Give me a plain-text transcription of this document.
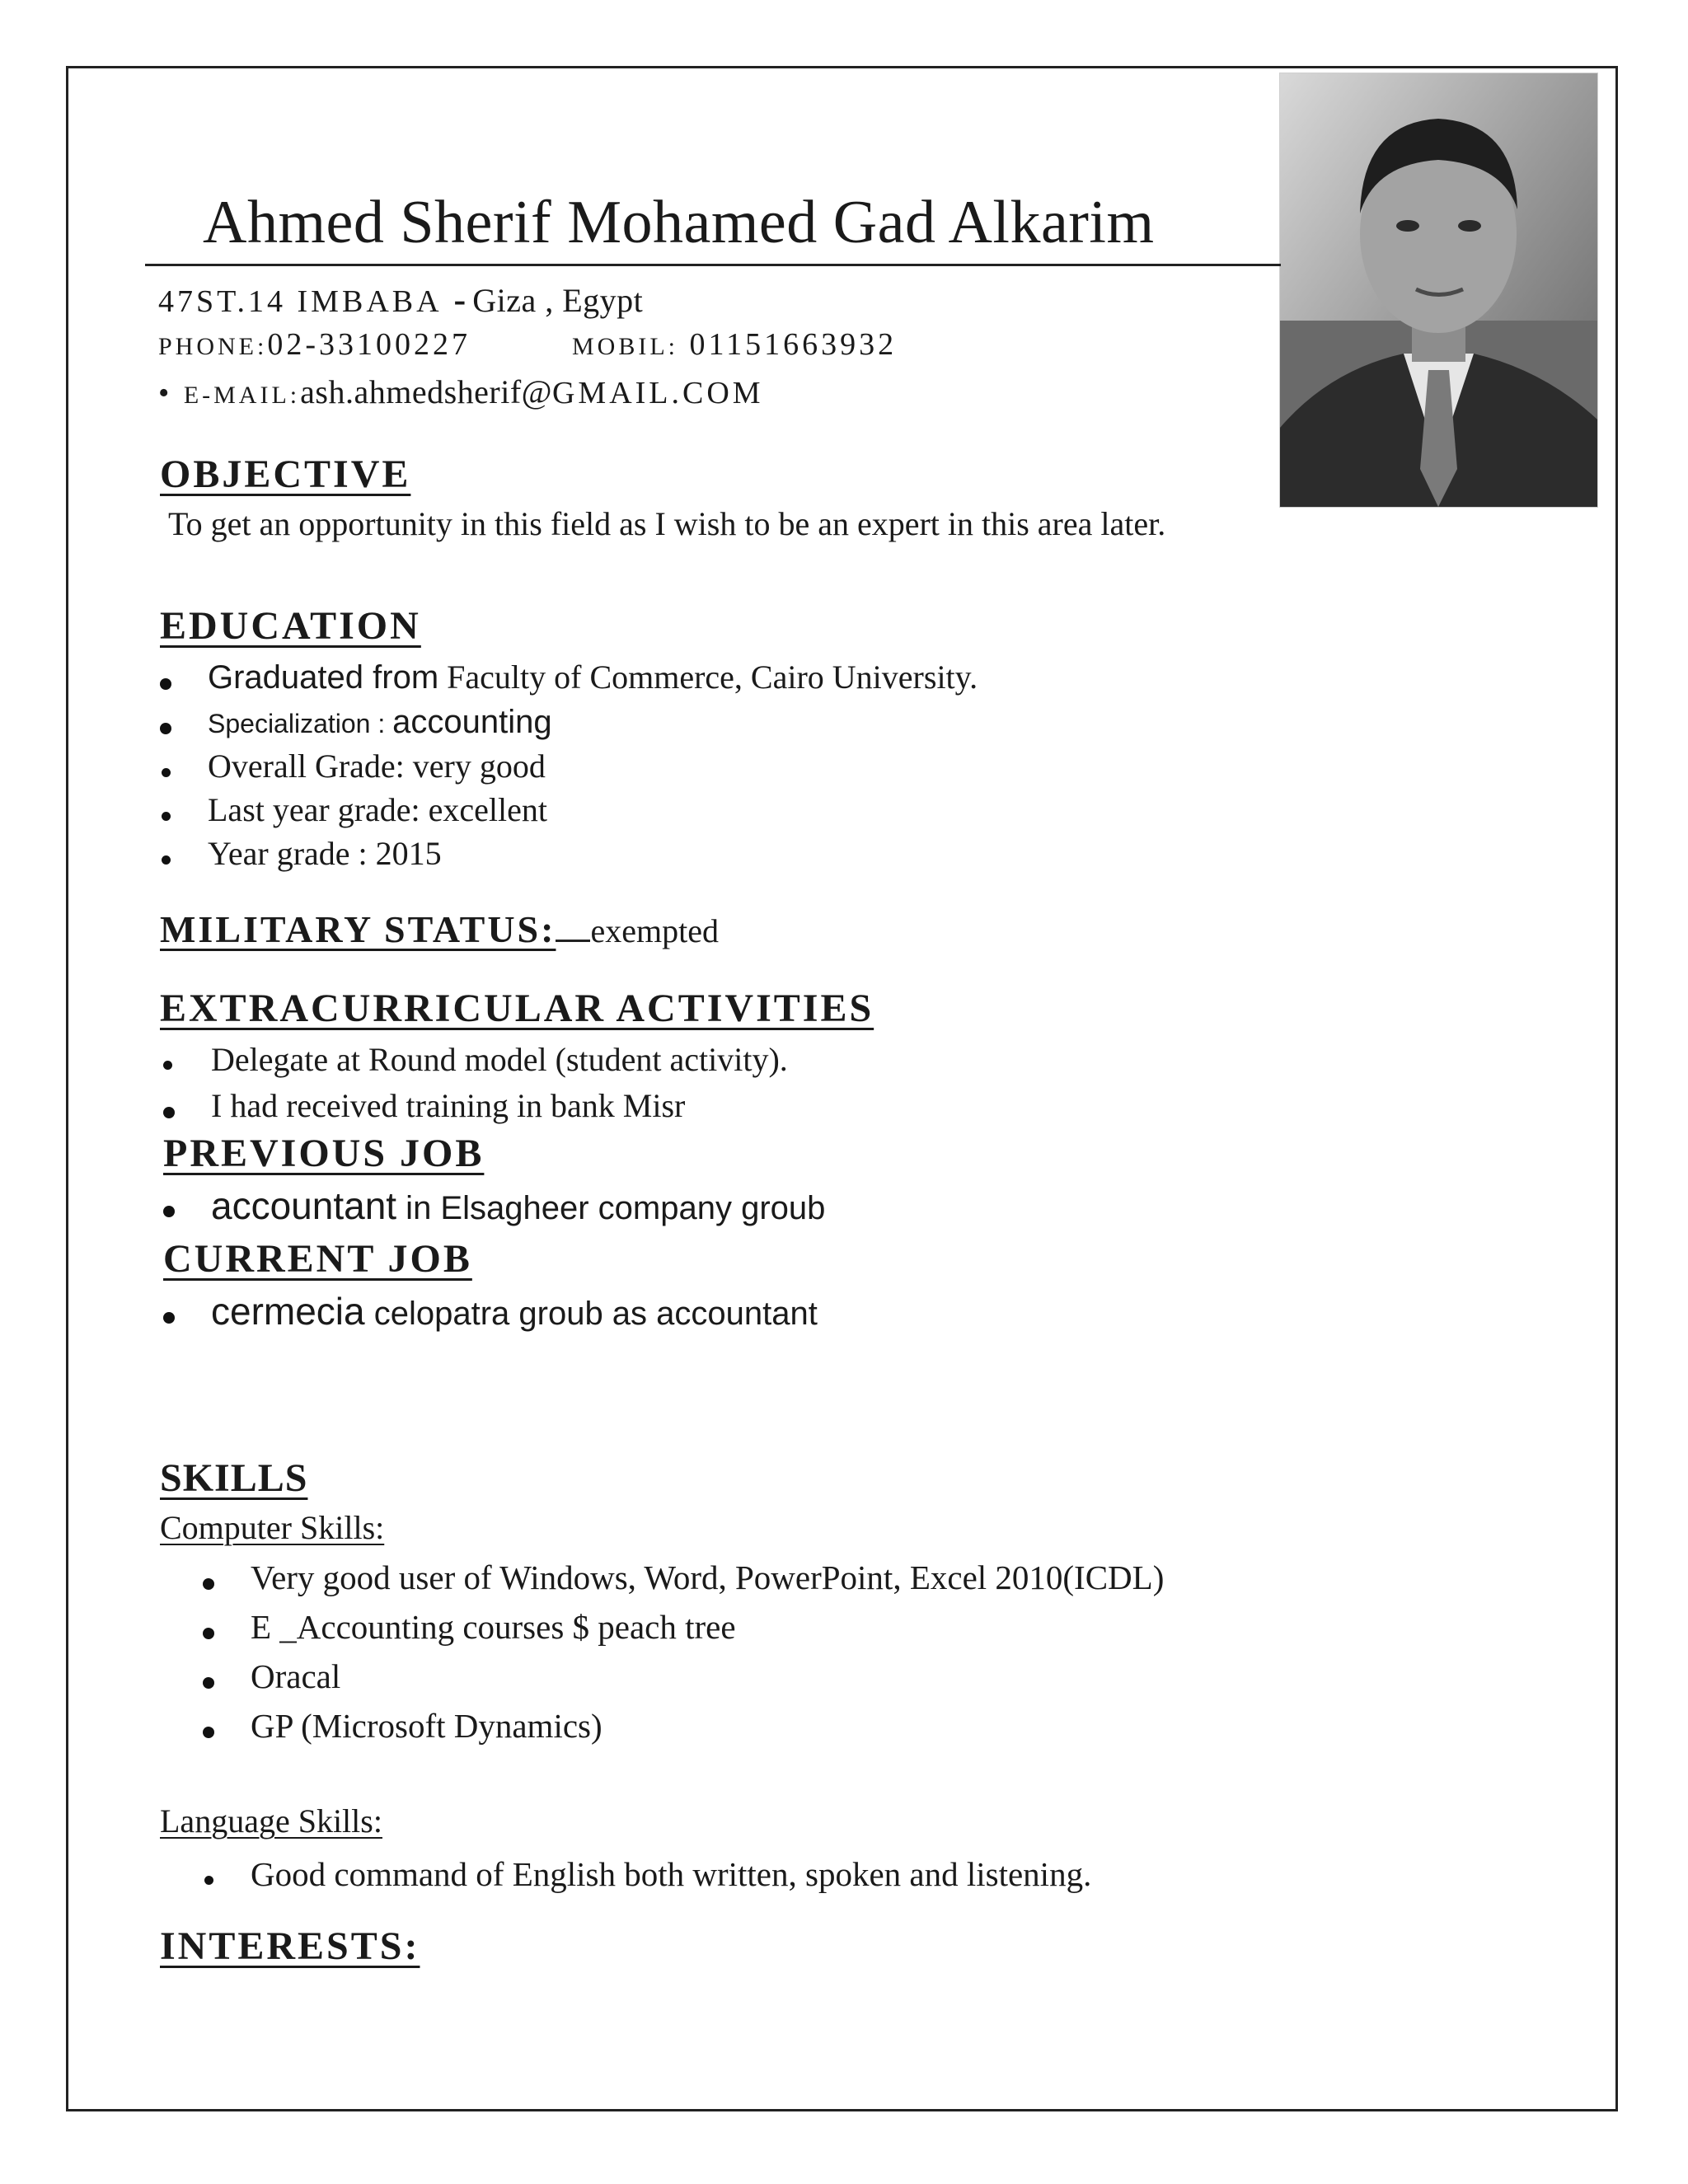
Ahmed Sherif Mohamed Gad Alkarim
47ST.14 IMBABA - Giza , Egypt
PHONE:02-33100227	MOBIL: 01151663932
• E-MAIL:ash.ahmedsherif@GMAIL.COM
OBJECTIVE
To get an opportunity in this field as I wish to be an expert in this area later.
EDUCATION
Graduated from Faculty of Commerce, Cairo University.
Specialization : accounting
Overall Grade: very good
Last year grade: excellent
Year grade : 2015
MILITARY STATUS: exempted
EXTRACURRICULAR ACTIVITIES
Delegate at Round model (student activity).
I had received training in bank Misr
PREVIOUS JOB
accountant in Elsagheer company groub
CURRENT JOB
cermecia celopatra groub as accountant
SKILLS
Computer Skills:
Very good user of Windows, Word, PowerPoint, Excel 2010(ICDL)
E _Accounting courses $ peach tree
Oracal
GP (Microsoft Dynamics)
Language Skills:
Good command of English both written, spoken and listening.
INTERESTS:
